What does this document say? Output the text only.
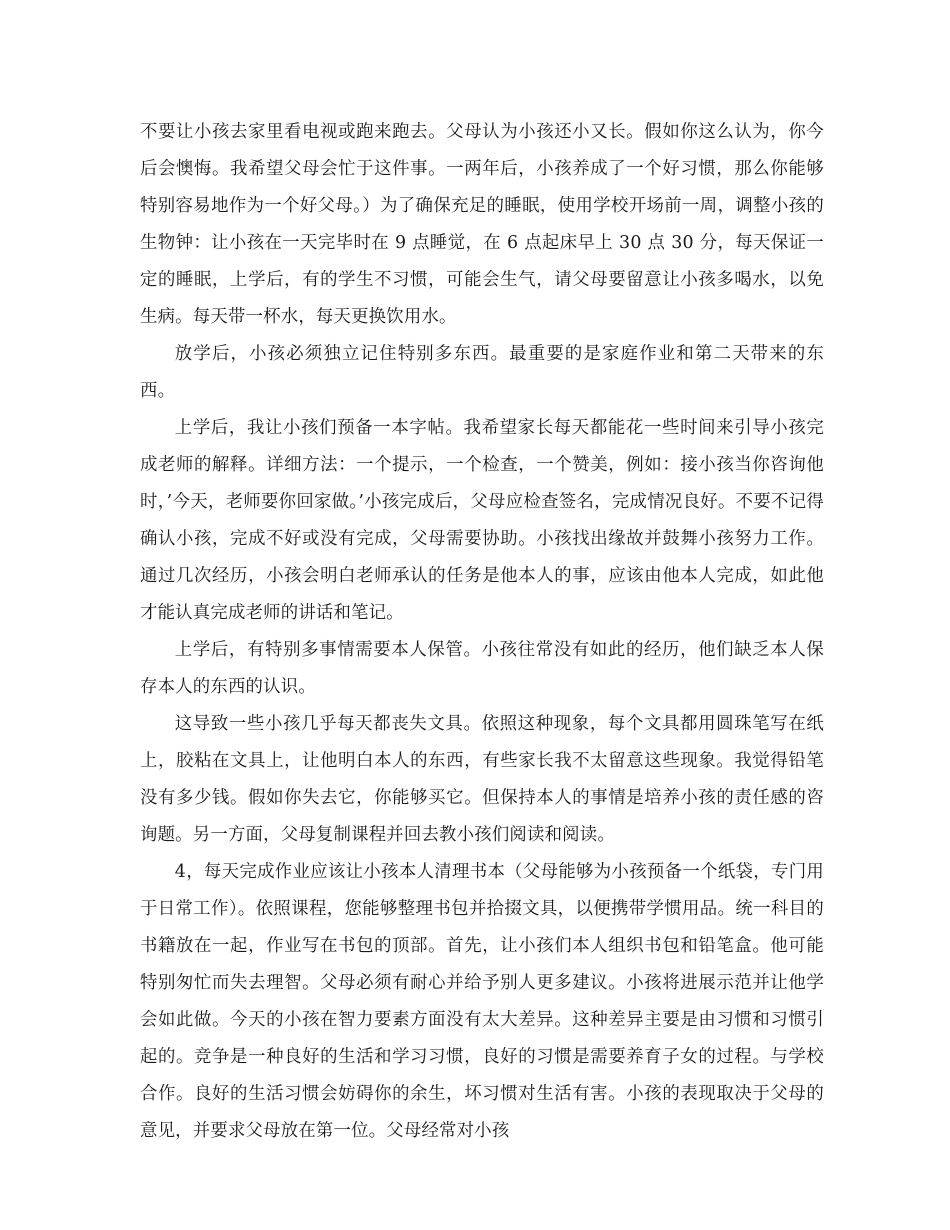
不要让小孩去家里看电视或跑来跑去。父母认为小孩还小又长。假如你这么认为，你今后会懊悔。我希望父母会忙于这件事。一两年后，小孩养成了一个好习惯，那么你能够特别容易地作为一个好父母。）为了确保充足的睡眠，使用学校开场前一周，调整小孩的生物钟：让小孩在一天完毕时在 9 点睡觉，在 6 点起床早上 30 点 30 分，每天保证一定的睡眠，上学后，有的学生不习惯，可能会生气，请父母要留意让小孩多喝水，以免生病。每天带一杯水，每天更换饮用水。

放学后，小孩必须独立记住特别多东西。最重要的是家庭作业和第二天带来的东西。

上学后，我让小孩们预备一本字帖。我希望家长每天都能花一些时间来引导小孩完成老师的解释。详细方法：一个提示，一个检查，一个赞美，例如：接小孩当你咨询他时，’今天，老师要你回家做。’小孩完成后，父母应检查签名，完成情况良好。不要不记得确认小孩，完成不好或没有完成，父母需要协助。小孩找出缘故并鼓舞小孩努力工作。通过几次经历，小孩会明白老师承认的任务是他本人的事，应该由他本人完成，如此他才能认真完成老师的讲话和笔记。

上学后，有特别多事情需要本人保管。小孩往常没有如此的经历，他们缺乏本人保存本人的东西的认识。

这导致一些小孩几乎每天都丧失文具。依照这种现象，每个文具都用圆珠笔写在纸上，胶粘在文具上，让他明白本人的东西，有些家长我不太留意这些现象。我觉得铅笔没有多少钱。假如你失去它，你能够买它。但保持本人的事情是培养小孩的责任感的咨询题。另一方面，父母复制课程并回去教小孩们阅读和阅读。

4，每天完成作业应该让小孩本人清理书本（父母能够为小孩预备一个纸袋，专门用于日常工作）。依照课程，您能够整理书包并拾掇文具，以便携带学惯用品。统一科目的书籍放在一起，作业写在书包的顶部。首先，让小孩们本人组织书包和铅笔盒。他可能特别匆忙而失去理智。父母必须有耐心并给予别人更多建议。小孩将进展示范并让他学会如此做。今天的小孩在智力要素方面没有太大差异。这种差异主要是由习惯和习惯引起的。竞争是一种良好的生活和学习习惯，良好的习惯是需要养育子女的过程。与学校合作。良好的生活习惯会妨碍你的余生，坏习惯对生活有害。小孩的表现取决于父母的意见，并要求父母放在第一位。父母经常对小孩
